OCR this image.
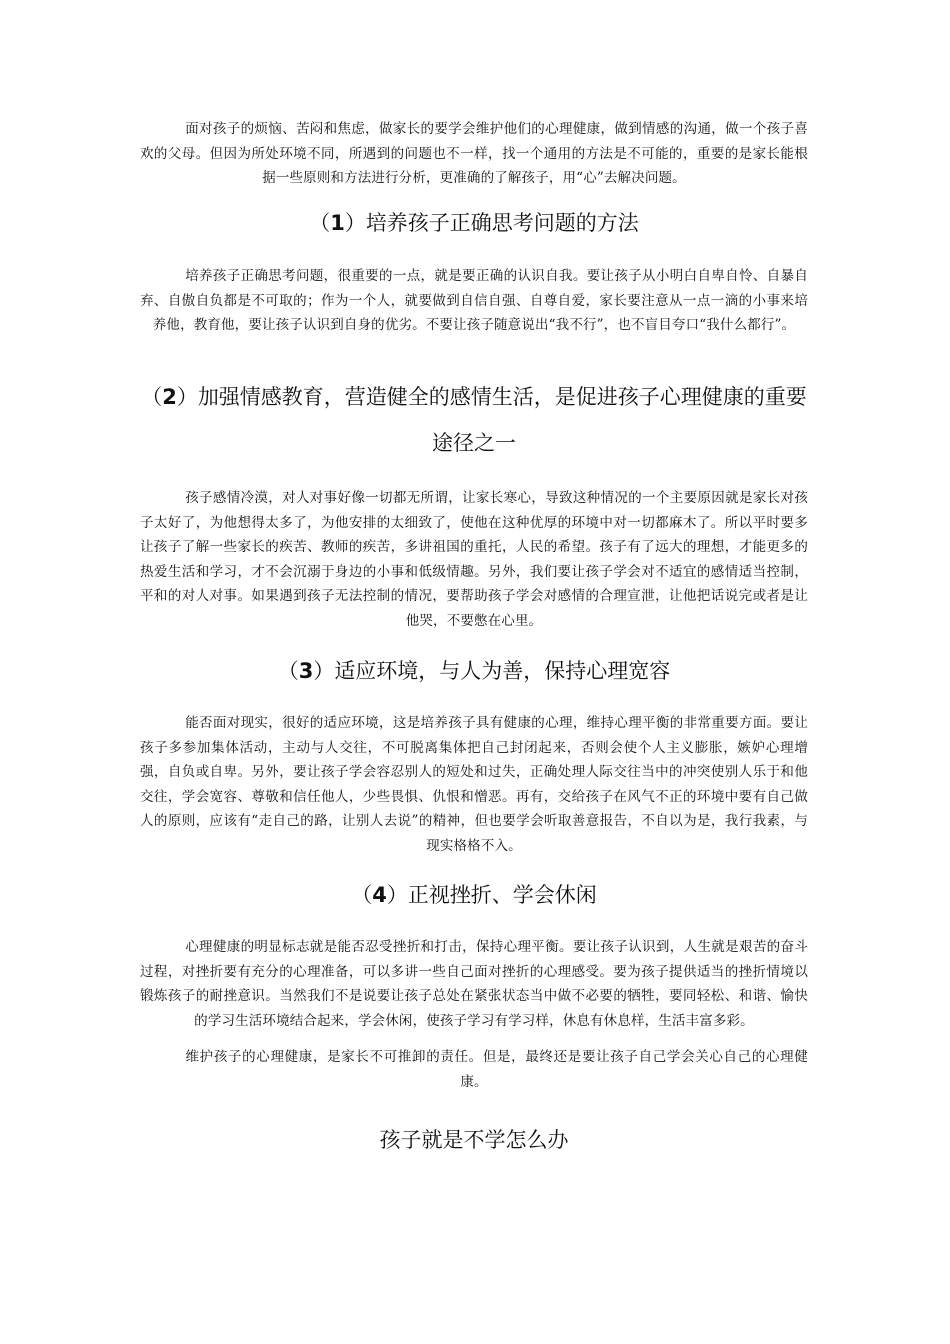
面对孩子的烦恼、苦闷和焦虑，做家长的要学会维护他们的心理健康，做到情感的沟通，做一个孩子喜欢的父母。但因为所处环境不同，所遇到的问题也不一样，找一个通用的方法是不可能的，重要的是家长能根据一些原则和方法进行分析，更准确的了解孩子，用“心”去解决问题。

（1）培养孩子正确思考问题的方法

培养孩子正确思考问题，很重要的一点，就是要正确的认识自我。要让孩子从小明白自卑自怜、自暴自弃、自傲自负都是不可取的；作为一个人，就要做到自信自强、自尊自爱，家长要注意从一点一滴的小事来培养他，教育他，要让孩子认识到自身的优劣。不要让孩子随意说出“我不行”，也不盲目夸口“我什么都行”。

（2）加强情感教育，营造健全的感情生活，是促进孩子心理健康的重要途径之一

孩子感情冷漠，对人对事好像一切都无所谓，让家长寒心，导致这种情况的一个主要原因就是家长对孩子太好了，为他想得太多了，为他安排的太细致了，使他在这种优厚的环境中对一切都麻木了。所以平时要多让孩子了解一些家长的疾苦、教师的疾苦，多讲祖国的重托，人民的希望。孩子有了远大的理想，才能更多的热爱生活和学习，才不会沉溺于身边的小事和低级情趣。另外，我们要让孩子学会对不适宜的感情适当控制，平和的对人对事。如果遇到孩子无法控制的情况，要帮助孩子学会对感情的合理宣泄，让他把话说完或者是让他哭，不要憋在心里。

（3）适应环境，与人为善，保持心理宽容

能否面对现实，很好的适应环境，这是培养孩子具有健康的心理，维持心理平衡的非常重要方面。要让孩子多参加集体活动，主动与人交往，不可脱离集体把自己封闭起来，否则会使个人主义膨胀，嫉妒心理增强，自负或自卑。另外，要让孩子学会容忍别人的短处和过失，正确处理人际交往当中的冲突使别人乐于和他交往，学会宽容、尊敬和信任他人，少些畏惧、仇恨和憎恶。再有，交给孩子在风气不正的环境中要有自己做人的原则，应该有“走自己的路，让别人去说”的精神，但也要学会听取善意报告，不自以为是，我行我素，与现实格格不入。

（4）正视挫折、学会休闲

心理健康的明显标志就是能否忍受挫折和打击，保持心理平衡。要让孩子认识到，人生就是艰苦的奋斗过程，对挫折要有充分的心理准备，可以多讲一些自己面对挫折的心理感受。要为孩子提供适当的挫折情境以锻炼孩子的耐挫意识。当然我们不是说要让孩子总处在紧张状态当中做不必要的牺牲，要同轻松、和谐、愉快的学习生活环境结合起来，学会休闲，使孩子学习有学习样，休息有休息样，生活丰富多彩。

维护孩子的心理健康，是家长不可推卸的责任。但是，最终还是要让孩子自己学会关心自己的心理健康。

孩子就是不学怎么办
